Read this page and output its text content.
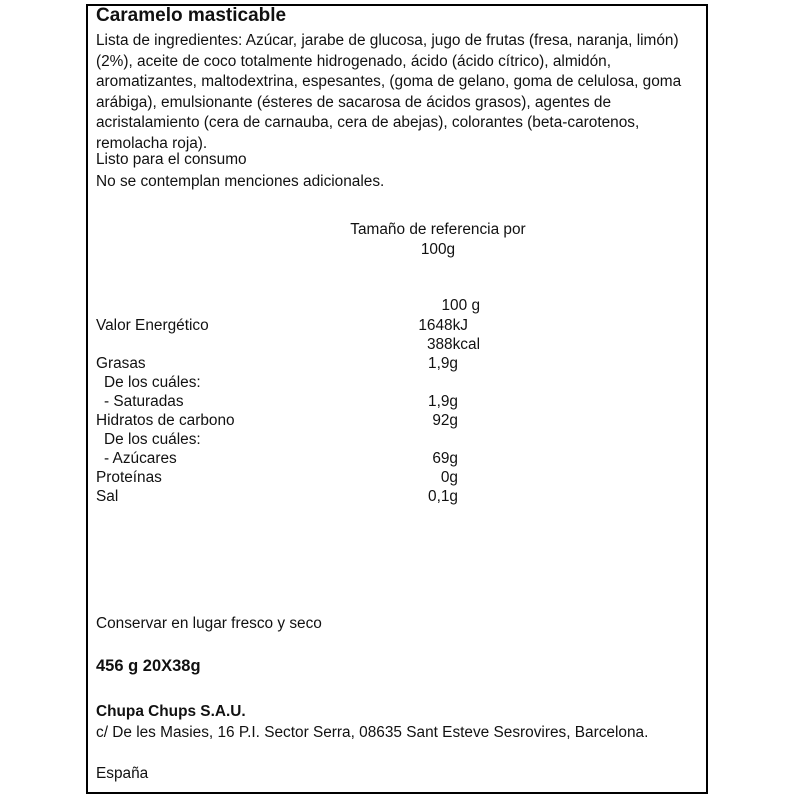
Caramelo masticable
Lista de ingredientes: Azúcar, jarabe de glucosa, jugo de frutas (fresa, naranja, limón) (2%), aceite de coco totalmente hidrogenado, ácido (ácido cítrico), almidón, aromatizantes, maltodextrina, espesantes, (goma de gelano, goma de celulosa, goma arábiga), emulsionante (ésteres de sacarosa de ácidos grasos), agentes de acristalamiento (cera de carnauba, cera de abejas), colorantes (beta-carotenos, remolacha roja).
Listo para el consumo
No se contemplan menciones adicionales.
Tamaño de referencia por
100g
100 g
Valor Energético	1648kJ
388kcal
Grasas	1,9g
De los cuáles:
- Saturadas	1,9g
Hidratos de carbono	92g
De los cuáles:
- Azúcares	69g
Proteínas	0g
Sal	0,1g
Conservar en lugar fresco y seco
456 g 20X38g
Chupa Chups S.A.U.
c/ De les Masies, 16 P.I. Sector Serra, 08635 Sant Esteve Sesrovires, Barcelona.
España
